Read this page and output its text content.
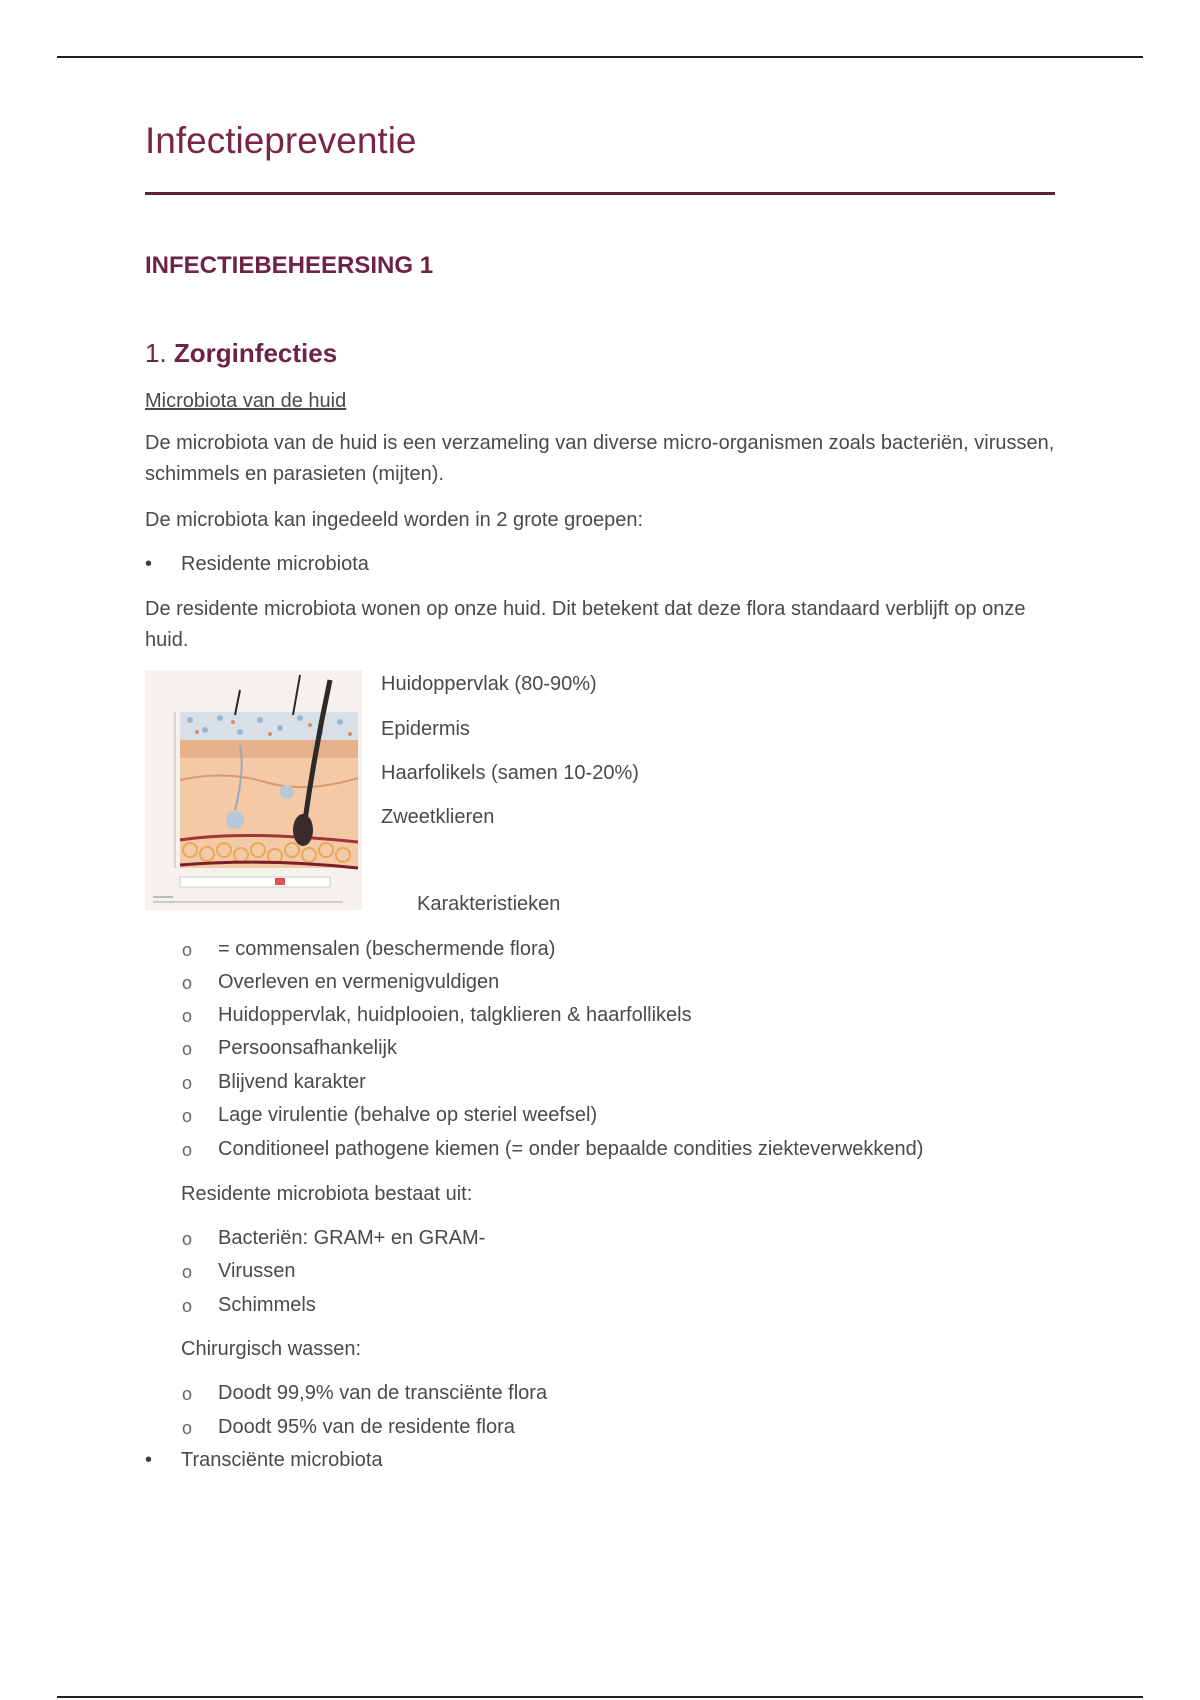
Infectiepreventie
INFECTIEBEHEERSING 1
1. Zorginfecties

Microbiota van de huid

De microbiota van de huid is een verzameling van diverse micro-organismen zoals bacteriën, virussen, schimmels en parasieten (mijten).

De microbiota kan ingedeeld worden in 2 grote groepen:

• Residente microbiota

De residente microbiota wonen op onze huid. Dit betekent dat deze flora standaard verblijft op onze huid.

Huidoppervlak (80-90%)
Epidermis
Haarfolikels (samen 10-20%)
Zweetklieren
Karakteristieken
o = commensalen (beschermende flora)
o Overleven en vermenigvuldigen
o Huidoppervlak, huidplooien, talgklieren & haarfollikels
o Persoonsafhankelijk
o Blijvend karakter
o Lage virulentie (behalve op steriel weefsel)
o Conditioneel pathogene kiemen (= onder bepaalde condities ziekteverwekkend)
Residente microbiota bestaat uit:
o Bacteriën: GRAM+ en GRAM-
o Virussen
o Schimmels
Chirurgisch wassen:
o Doodt 99,9% van de transciënte flora
o Doodt 95% van de residente flora
• Transciënte microbiota
